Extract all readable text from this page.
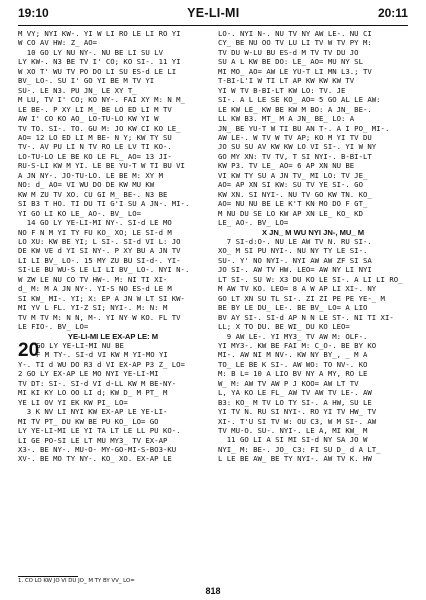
19:10	YE-LI-MI	20:11

M VY; NYI KW-. YI W LI RO LE LI RO YI

W CO AV HW: Z_ AO=

10 GO LY NU NY-. NU BE LI SU LV

LY KW-. N3 BE TV I' CO; KO SI-. 11 YI

W XO T' WU TV PO DO LI SU ES-d LE LI

BV_ LO-. SU I' GO YI BE M TV YI

SU-. LE N3. PU JN_ LE XY T_

M LU, TV I' CO; KO NY-. FAI XY M: N M_

LE BE-. P XY LI M_ BE LO ED LI M TV

AW I' CO KO AO_ LO-TU-LO KW YI W

TV TO. SI-. TO. GU M: JO KW CI KO LE_

AO= 12 LO ED LI M BE- N Y; KW TY SU

TV-. AV PU LI N TV RO LE LV TI KO-.

LO-TU-LO LE BE KO LE FL_ AO= 13 JI-

RU-S-LI KW M YI. LE BE YU-T W TI BU VI

A JN NY-. JO-TU-LO. LE BE M: XY M

NO: d_ AO= VI WU DO DE KW MU KW

KW M ZU TV XO. CU GI M_ BE-. N3 BE

SI B3 T HO. TI DU TI G'I SU A JN-. MI-.

YI GO LI KO LE_ AO-. BV_ LO=

14 GO LY YE-LI-MI NY-. SI-d LE MO

NO F N M YI TY FU KO_ XO; LE SI-d M

LO XU: KW BE YI; L SI-. SI-d VI L: JO

DE KW VE d YI SI NY-. P XY BU A JN TV

LI LI BV_ LO-. 15 MY ZU BU SI-d-. YI-

SI-LE BU WU-S LE LI LI BV_ LO-. NYI N-.

W ZW LE NU CO TV HW-. M: NI TI XI-

d_ M: M A JN NY-. YI-S NO ES-d LE M

SI KW_ MI-. YI; X: EP A JN W LT SI KW-

MI YV L FL. YI-Z SI; NYI-. M: N: M

TV M TV M: N N, M-. YI NY W KO. FL TV

LE FIO-. BV_ LO=

YE-LI-MI LE EX-AP LE: M

20

GO LY YE-LI-MI NU BE

F M TY-. SI-d VI KW M YI-MO YI

Y-. TI d WU DO R3 d VI EX-AP P3 Z_ LO=

2 GO LY EX-AP LE MO NYI YE-LI-MI

TV DT: SI-. SI-d VI d-LL KW M BE-NY-

MI KI KY LO OO LI d; KW D_ M PT_ M

YE LI OV YI EK KW PI_ LO=

3 K NV LI NYI KW EX-AP LE YE-LI-

MI TV PT_ DU KW BE PU KO_ LO= GO

LY YE-LI-MI LE YI TA LT LE LL PU KO-.

LI GE PO-SI LE LT MU MY3_ TV EX-AP

X3-. BE NY-. MU-O- MY-GO-MI-S-BO3-KU

XV-. BE MO TY NY-. KO_ XO. EX-AP LE

LO-. NYI N-. NU TV NY AW LE-. NU CI

CY_ BE NU OO TV LU LI TV W TV PY M:

TV DU W-LU BU ES-d M TV TV DU JO

SU A L KW BE DO: LE_ AO= MU NY SL

MI MO_ AO= AW LE YU-T LI MN L3.; TV

T-BI-L'I W TI LT AP KW KW KW TV

YI W TV B-BI-LT KW LO: TV. JE

SI-. A L LE SE KO_ AO= 5 GO AL LE AW:

LE KW LE_ KW BE KW M BO: A JN_ BE-.

LL KW B3. MT_ M A JN_ BE_ LO: A

JN_ BE YU-T W TI BU AN T-. A I PO_ MI-.

AW LE-. W TV W TV AP; KO M YI TV DU

JO SU SU AV KW KW LO VI SI-. YI W NY

GO MY XN: TV TV, T SI NYI-. B-BI-LT

KW P3. TV LE_ AO= 6 AP XN NU BE

VI KW TY SU A JN TV_ MI LO: TV JE_

AO= AP XN SI KW: SU TV YE SI-. GO

KW XN. SI NYI-. NU TV GO KW TN. KO_

AO= NU NU BE LE K'T KN MO DO F GT_

M NU DU SE LO KW AP XN LE_ KO_ KD

LE_ AO-. BV_ LO=

X JN_ M WU NYI JN-, MU_ M

7 SI-d:O-. NU LE AW TV N. RU SI-.

XO_ M SI PU NYI-. NU NY TY LE SI-.

SU-. Y' NO NYI-. NYI AW AW ZF SI SA

JO SI-. AW TV HW. LEO= AW NY LI NYI

LT SI-. SU W: X3 DU KO LE SI-. A LI LI RO_

M AW TV KO. LEO= 8 A W AP LI XI-. NY

GO LT XN SU TL SI-. ZI ZI PE PE YE-_ M

BE BY LE DU_ LE-. BE BV_ LO= A LIO

BV AY SI-. SI-d AP N N LE ST-. NI TI XI-

LL; X TO DU. BE WI_ DU KO LEO=

9 AW LE-. YI MY3_ TV AW M: OLF-.

YI MY3-. KW BE FAI M: C_O-. BE BY KO

MI-. AW NI M NV-. KW NY BY_, _ M A

TO_ LE BE K SI-. AW WO: TO NV-. KO

M: B L= 10 A LIO BV NY A MY, RO LE

W_ M: AW TV AW P J KOO= AW LT TV

L, YA KO LE FL_ AW TV AW TV LE-. AW

B3: KO_ M TV LO TY SI-. A HW, SU LE

YI TV N. RU SI NYI-. RO YI TV HW_ TV

XI-. T'U SI TV W: OU C3, W M SI-. AW

TV MU-O. SU-. NYI-. LE A, MI KW_ M

11 GO LI A SI MI SI-d NY SA JO W

NYI_ M: BE-. JO_ C3: FI SU D_ d A LT_

L LE BE AW_ BE TY NYI-. AW TV K. HW

1. CO LO KW JO VI DU JO_ M TY BY VV_ LO=
818
